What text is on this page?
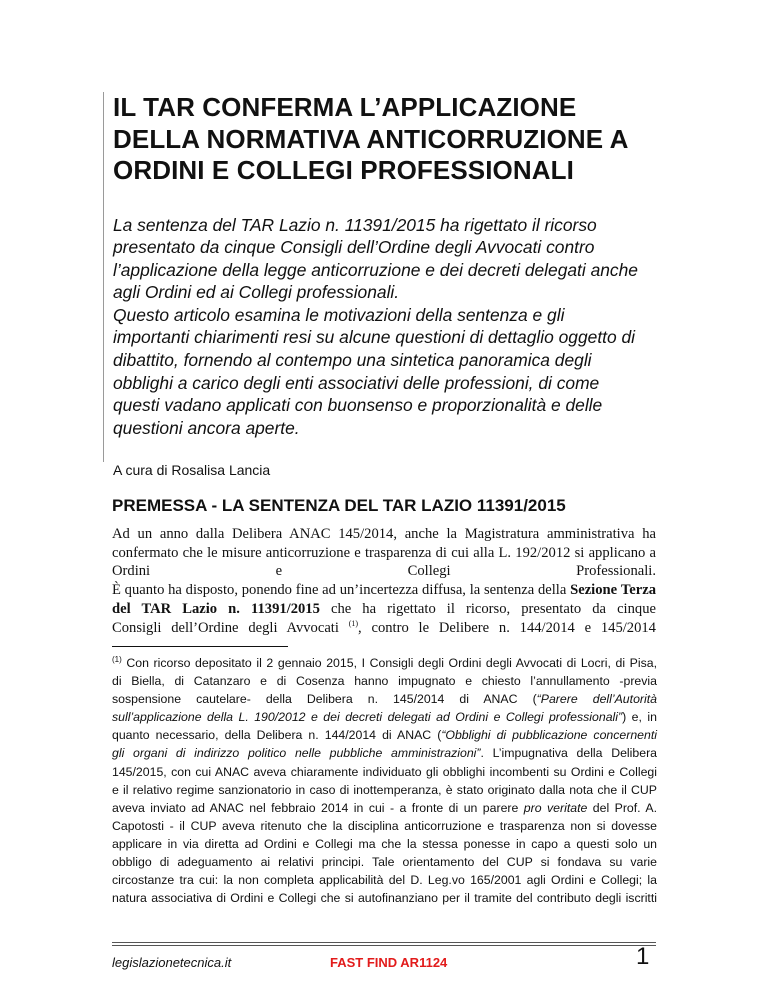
IL TAR CONFERMA L’APPLICAZIONE
DELLA NORMATIVA ANTICORRUZIONE A
ORDINI E COLLEGI PROFESSIONALI
La sentenza del TAR Lazio n. 11391/2015 ha rigettato il ricorso
presentato da cinque Consigli dell’Ordine degli Avvocati contro
l’applicazione della legge anticorruzione e dei decreti delegati anche
agli Ordini ed ai Collegi professionali.
Questo articolo esamina le motivazioni della sentenza e gli
importanti chiarimenti resi su alcune questioni di dettaglio oggetto di
dibattito, fornendo al contempo una sintetica panoramica degli
obblighi a carico degli enti associativi delle professioni, di come
questi vadano applicati con buonsenso e proporzionalità e delle
questioni ancora aperte.
A cura di Rosalisa Lancia
PREMESSA - LA SENTENZA DEL TAR LAZIO 11391/2015
Ad un anno dalla Delibera ANAC 145/2014, anche la Magistratura amministrativa ha confermato che le misure anticorruzione e trasparenza di cui alla L. 192/2012 si applicano a Ordini e Collegi Professionali.
È quanto ha disposto, ponendo fine ad un’incertezza diffusa, la sentenza della Sezione Terza del TAR Lazio n. 11391/2015 che ha rigettato il ricorso, presentato da cinque
Consigli dell’Ordine degli Avvocati $^{(1)}$, contro le Delibere n. 144/2014 e 145/2014
$^{(1)}$ Con ricorso depositato il 2 gennaio 2015, I Consigli degli Ordini degli Avvocati di Locri, di Pisa,
di Biella, di Catanzaro e di Cosenza hanno impugnato e chiesto l’annullamento -previa
sospensione cautelare- della Delibera n. 145/2014 di ANAC (“Parere dell’Autorità
sull’applicazione della L. 190/2012 e dei decreti delegati ad Ordini e Collegi professionali”) e, in
quanto necessario, della Delibera n. 144/2014 di ANAC (“Obblighi di pubblicazione concernenti
gli organi di indirizzo politico nelle pubbliche amministrazioni”. L’impugnativa della Delibera
145/2015, con cui ANAC aveva chiaramente individuato gli obblighi incombenti su Ordini e Collegi
e il relativo regime sanzionatorio in caso di inottemperanza, è stato originato dalla nota che il CUP
aveva inviato ad ANAC nel febbraio 2014 in cui - a fronte di un parere pro veritate del Prof. A.
Capotosti - il CUP aveva ritenuto che la disciplina anticorruzione e trasparenza non si dovesse
applicare in via diretta ad Ordini e Collegi ma che la stessa ponesse in capo a questi solo un
obbligo di adeguamento ai relativi principi. Tale orientamento del CUP si fondava su varie
circostanze tra cui: la non completa applicabilità del D. Leg.vo 165/2001 agli Ordini e Collegi; la
natura associativa di Ordini e Collegi che si autofinanziano per il tramite del contributo degli iscritti
legislazionetecnica.it	FAST FIND AR1124	1
